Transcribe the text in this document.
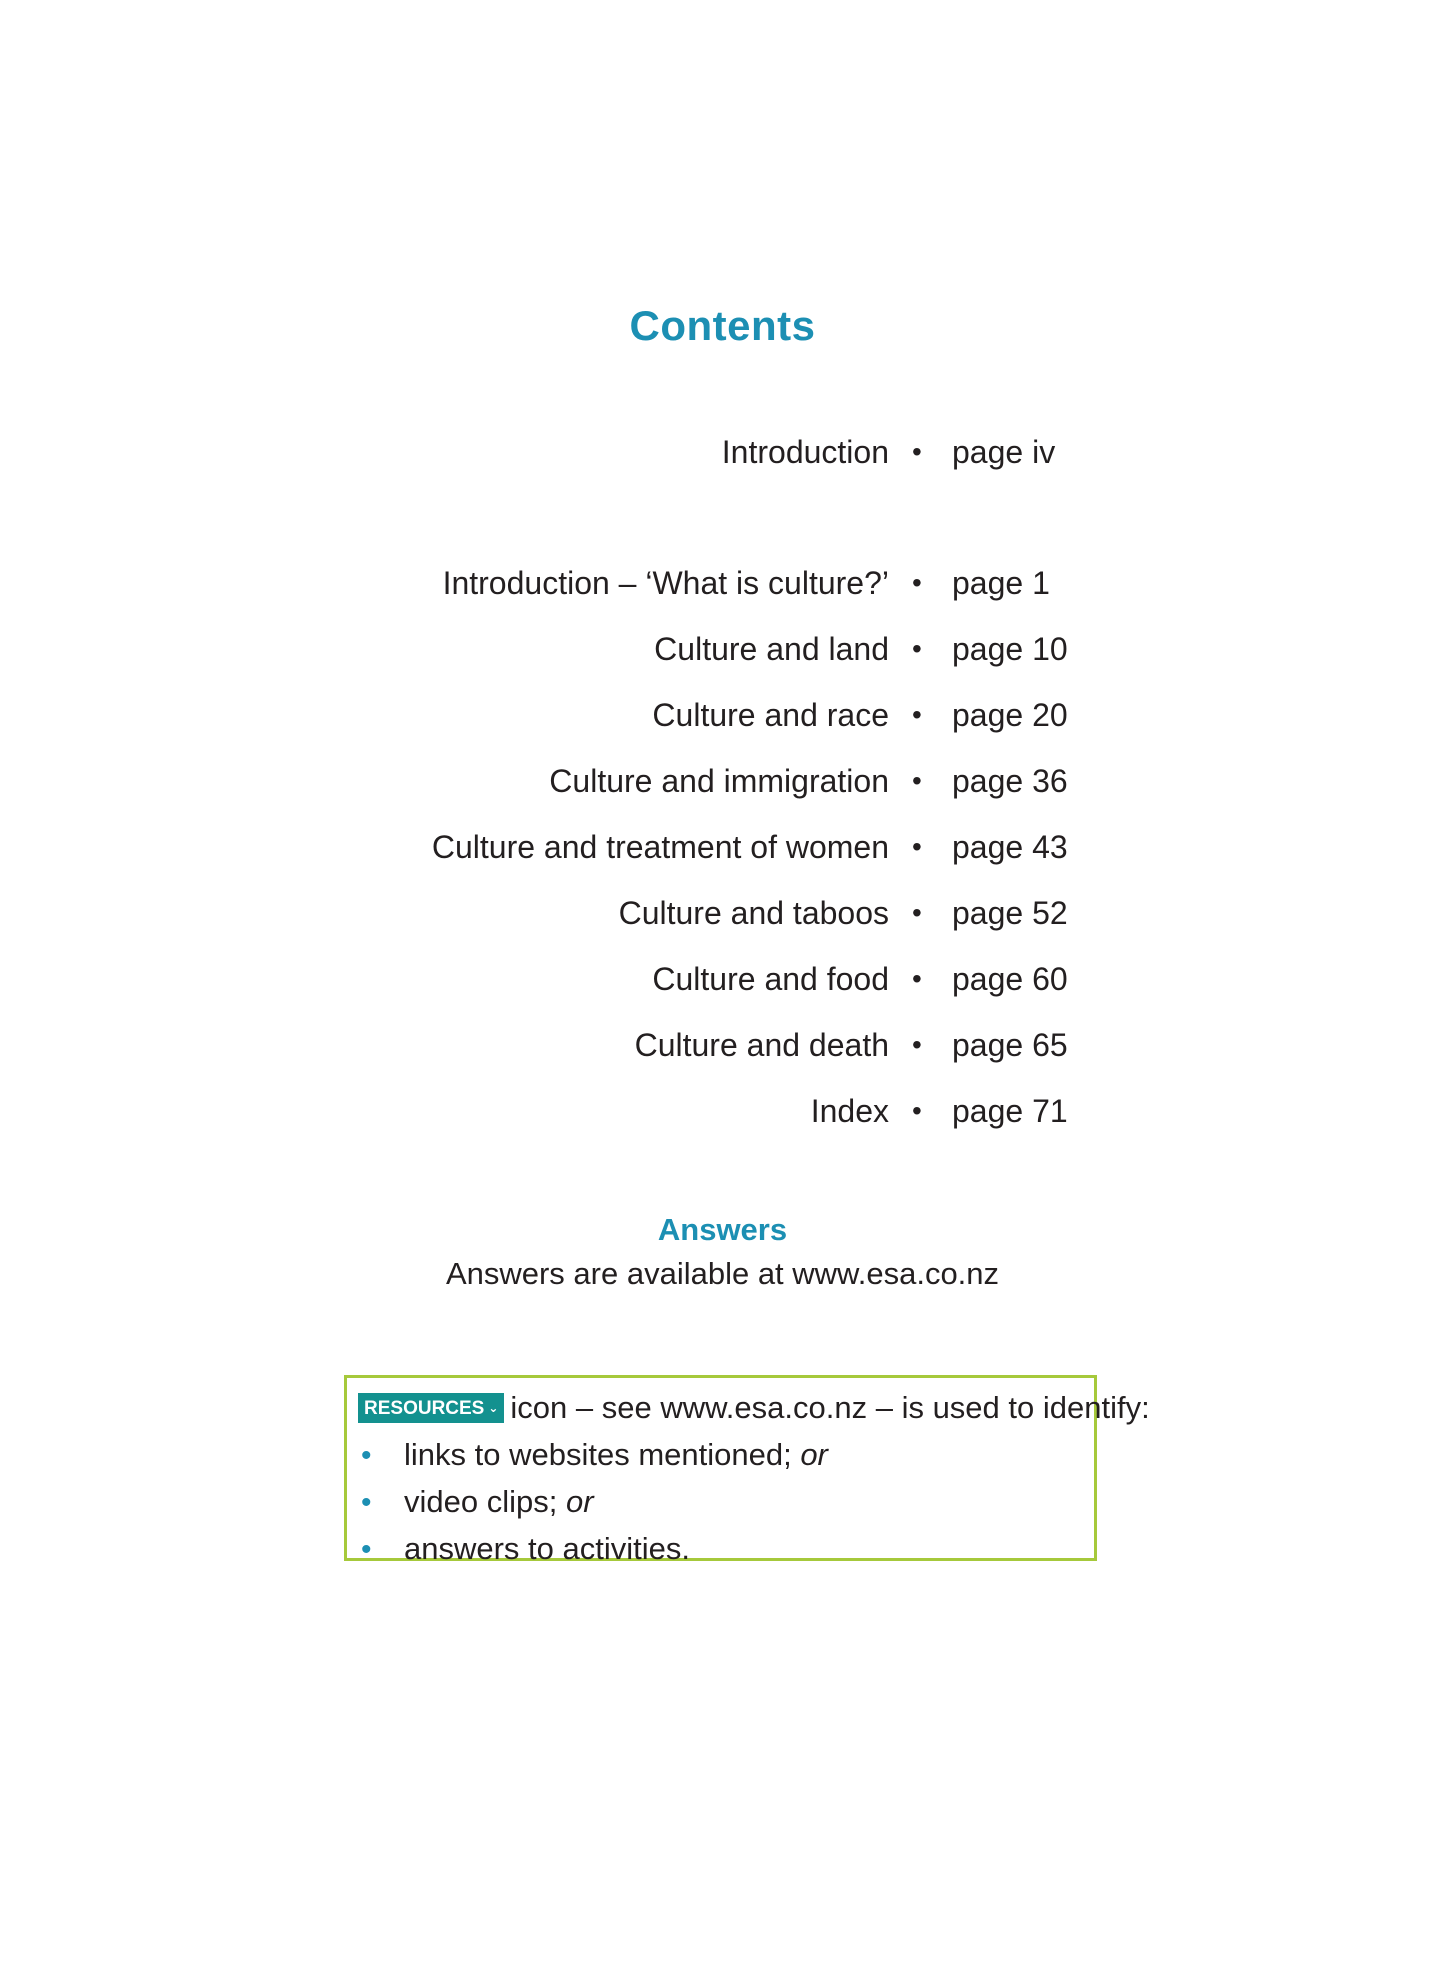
Contents
Introduction • page iv
Introduction – ‘What is culture?’ • page 1
Culture and land • page 10
Culture and race • page 20
Culture and immigration • page 36
Culture and treatment of women • page 43
Culture and taboos • page 52
Culture and food • page 60
Culture and death • page 65
Index • page 71
Answers
Answers are available at www.esa.co.nz
RESOURCES ⌄ icon – see www.esa.co.nz – is used to identify:
• links to websites mentioned; or
• video clips; or
• answers to activities.
